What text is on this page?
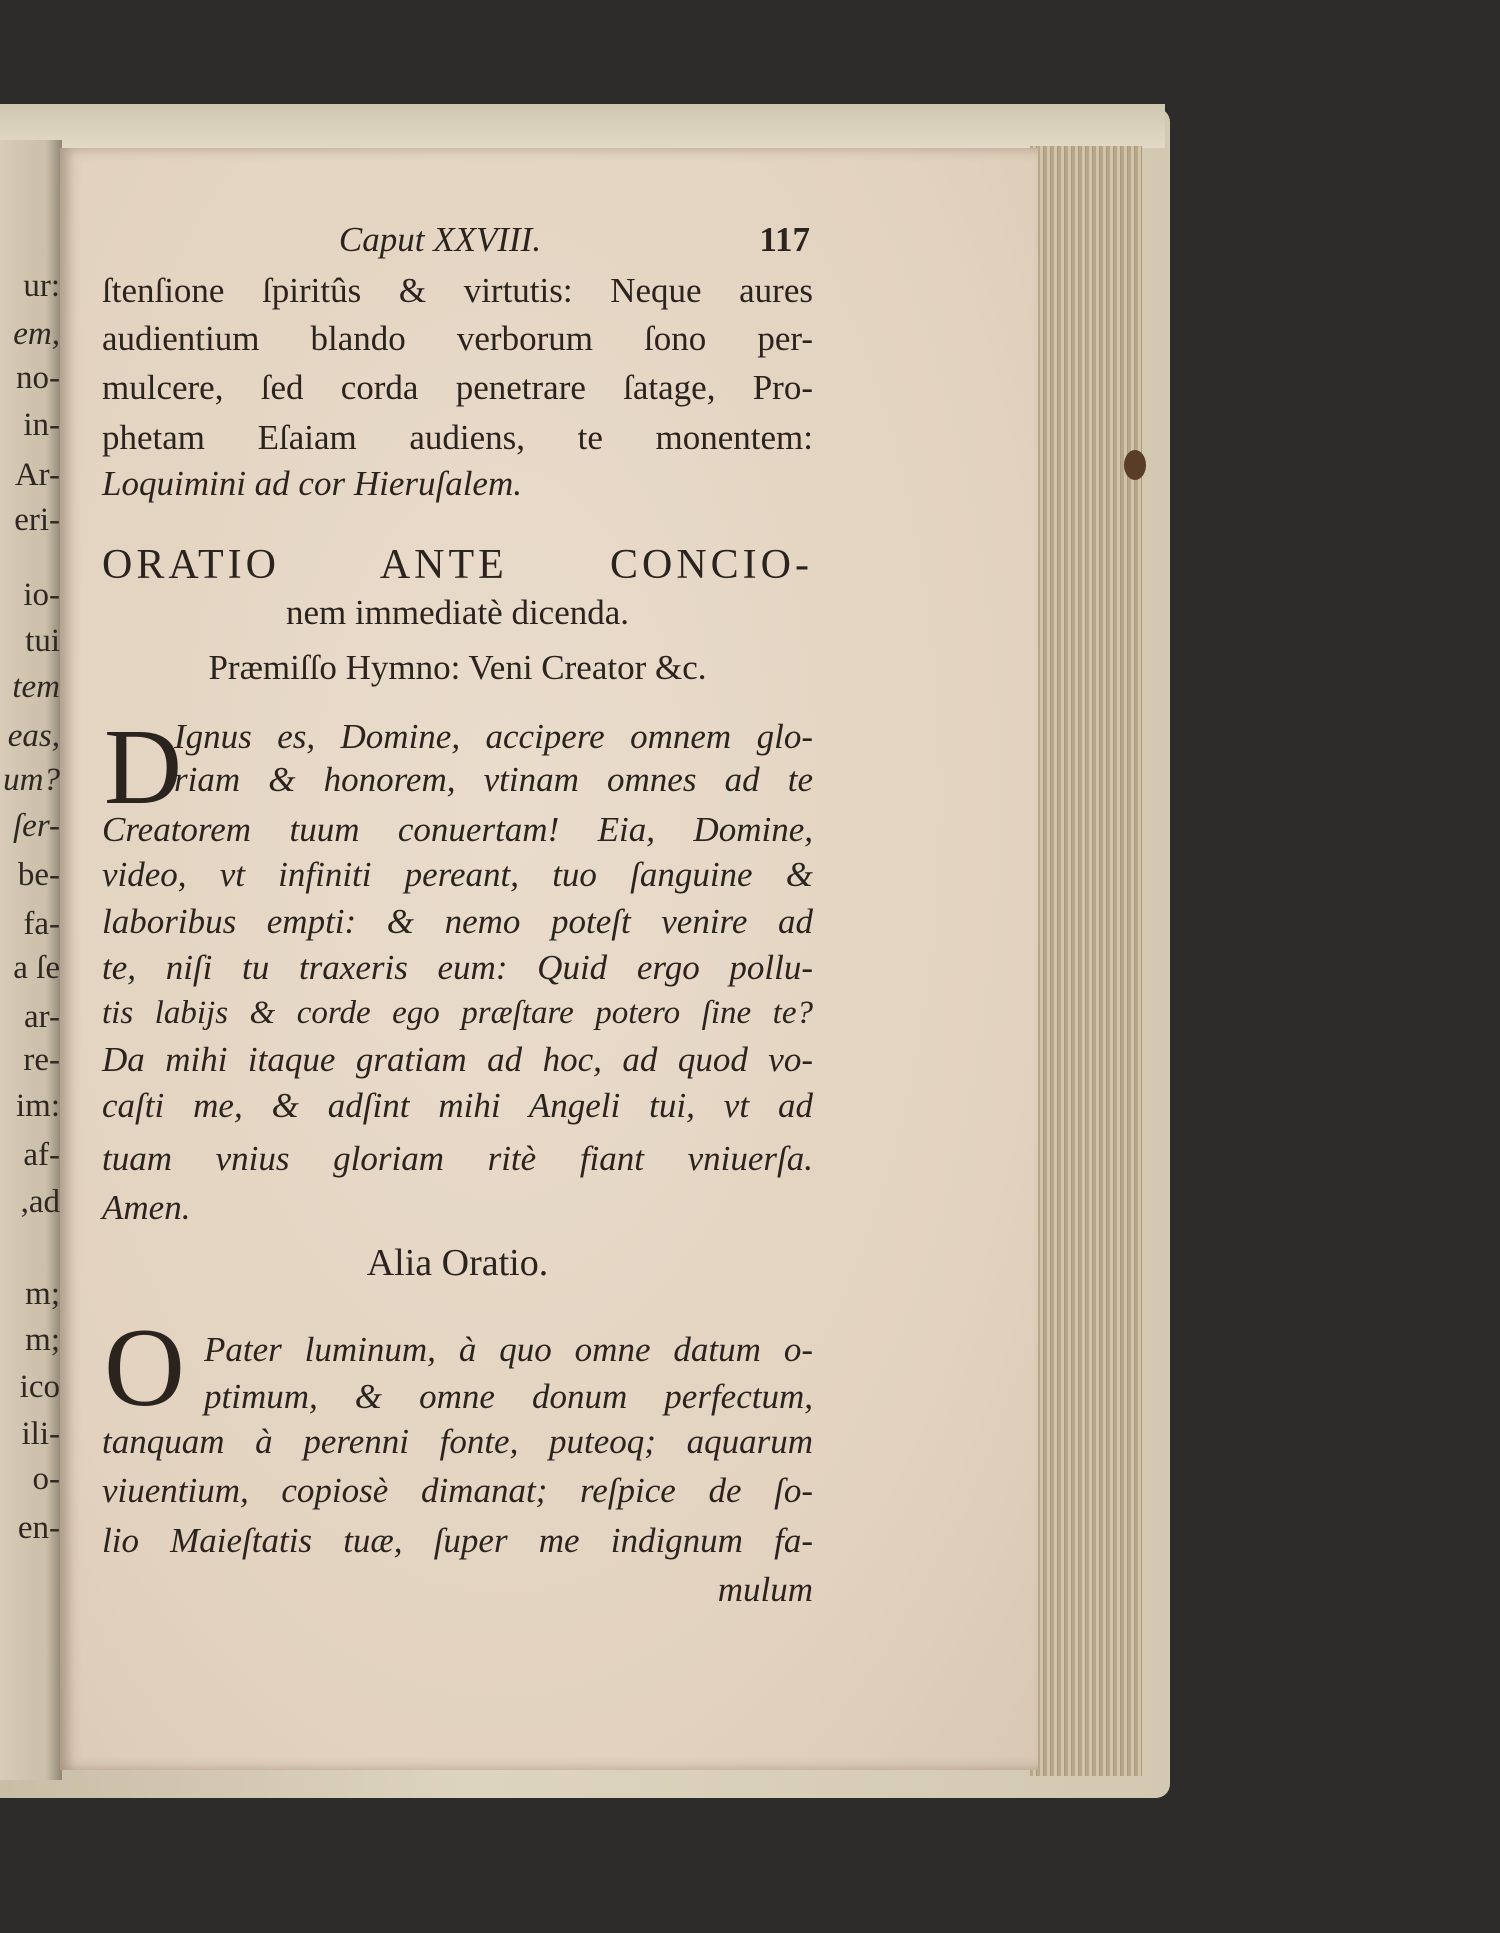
ur:
em,
no-
in-
Ar-
eri-
io-
tui
tem
eas,
um?
ſer-
be-
fa-
a ſe
ar-
re-
im:
af-
,ad
m;
m;
ico
ili-
o-
en-
Caput XXVIII.	117
ſtenſione ſpiritûs & virtutis: Neque aures
audientium blando verborum ſono per-
mulcere, ſed corda penetrare ſatage, Pro-
phetam Eſaiam audiens, te monentem:
Loquimini ad cor Hieruſalem.
ORATIO ANTE CONCIO-
nem immediatè dicenda.
Præmiſſo Hymno: Veni Creator &c.
D
Ignus es, Domine, accipere omnem glo-
riam & honorem, vtinam omnes ad te
Creatorem tuum conuertam! Eia, Domine,
video, vt infiniti pereant, tuo ſanguine &
laboribus empti: & nemo poteſt venire ad
te, niſi tu traxeris eum: Quid ergo pollu-
tis labijs & corde ego præſtare potero ſine te?
Da mihi itaque gratiam ad hoc, ad quod vo-
caſti me, & adſint mihi Angeli tui, vt ad
tuam vnius gloriam ritè fiant vniuerſa.
Amen.
Alia Oratio.
O Pater luminum, à quo omne datum o-
ptimum, & omne donum perfectum,
tanquam à perenni fonte, puteoq; aquarum
viuentium, copiosè dimanat; reſpice de ſo-
lio Maieſtatis tuæ, ſuper me indignum fa-
mulum
